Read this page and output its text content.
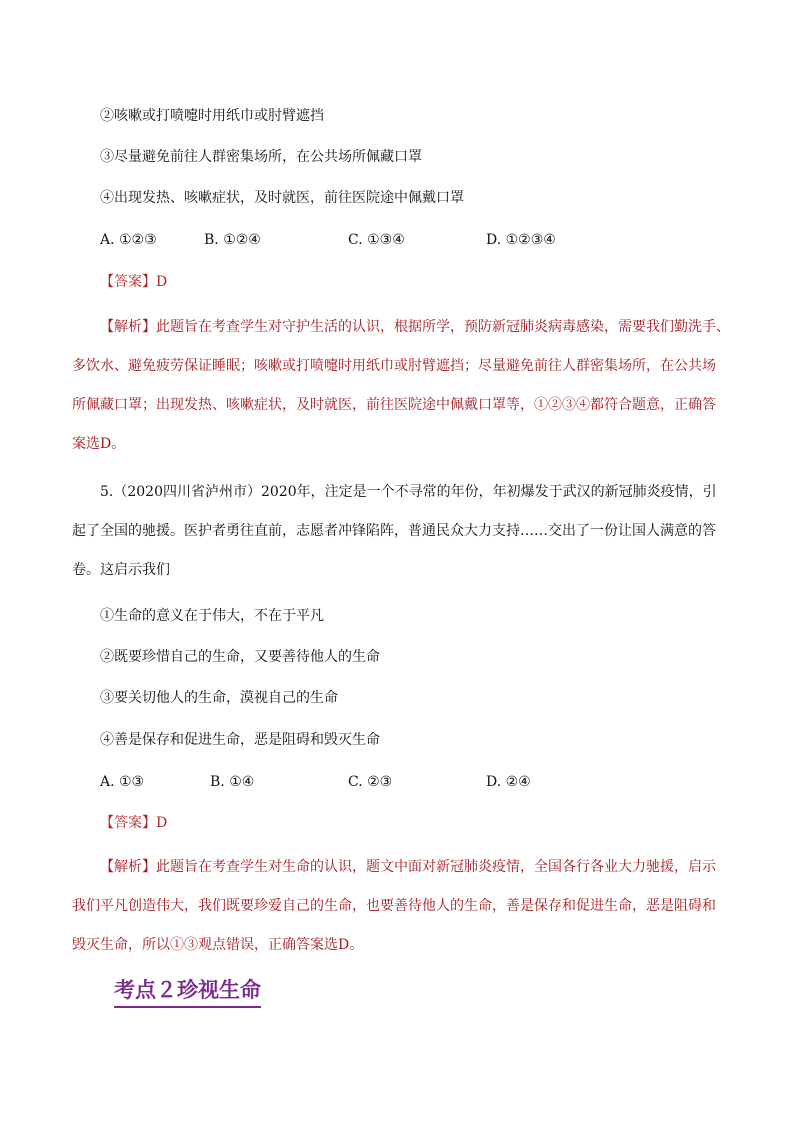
②咳嗽或打喷嚏时用纸巾或肘臂遮挡
③尽量避免前往人群密集场所，在公共场所佩藏口罩
④出现发热、咳嗽症状，及时就医，前往医院途中佩戴口罩
A. ①②③	B. ①②④	C. ①③④	D. ①②③④
【答案】D
【解析】此题旨在考查学生对守护生活的认识，根据所学，预防新冠肺炎病毒感染，需要我们勤洗手、
多饮水、避免疲劳保证睡眠；咳嗽或打喷嚏时用纸巾或肘臂遮挡；尽量避免前往人群密集场所，在公共场
所佩藏口罩；出现发热、咳嗽症状，及时就医，前往医院途中佩戴口罩等，①②③④都符合题意，正确答
案选D。
5.（2020四川省泸州市）2020年，注定是一个不寻常的年份，年初爆发于武汉的新冠肺炎疫情，引
起了全国的驰援。医护者勇往直前，志愿者冲锋陷阵，普通民众大力支持……交出了一份让国人满意的答
卷。这启示我们
①生命的意义在于伟大，不在于平凡
②既要珍惜自己的生命，又要善待他人的生命
③要关切他人的生命，漠视自己的生命
④善是保存和促进生命，恶是阻碍和毁灭生命
A. ①③	B. ①④	C. ②③	D. ②④
【答案】D
【解析】此题旨在考查学生对生命的认识，题文中面对新冠肺炎疫情，全国各行各业大力驰援，启示
我们平凡创造伟大，我们既要珍爱自己的生命，也要善待他人的生命，善是保存和促进生命，恶是阻碍和
毁灭生命，所以①③观点错误，正确答案选D。
考点２珍视生命
